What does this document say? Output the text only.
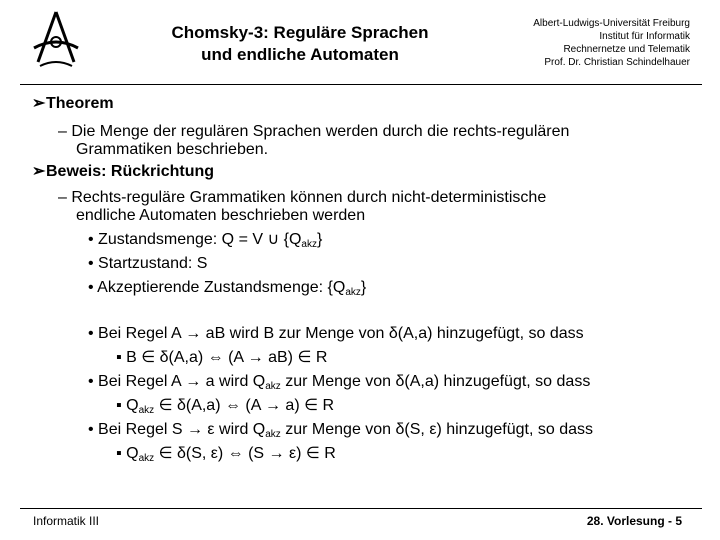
Chomsky-3: Reguläre Sprachen
und endliche Automaten
Albert-Ludwigs-Universität Freiburg
Institut für Informatik
Rechnernetze und Telematik
Prof. Dr. Christian Schindelhauer
➢Theorem
– Die Menge der regulären Sprachen werden durch die rechts-regulären
Grammatiken beschrieben.
➢Beweis: Rückrichtung
– Rechts-reguläre Grammatiken können durch nicht-deterministische
endliche Automaten beschrieben werden
• Zustandsmenge: Q = V ∪ $\{Q_{akz}\}$
• Startzustand: S
• Akzeptierende Zustandsmenge: $\{Q_{akz}\}$
• Bei Regel A → aB wird B zur Menge von δ(A,a) hinzugefügt, so dass
▪ B ∈ δ(A,a) ⇔ (A → aB) ∈ R
• Bei Regel A → a wird $Q_{akz}$ zur Menge von δ(A,a) hinzugefügt, so dass
▪ $Q_{akz}$ ∈ δ(A,a) ⇔ (A → a) ∈ R
• Bei Regel S → ε wird $Q_{akz}$ zur Menge von δ(S, ε) hinzugefügt, so dass
▪ $Q_{akz}$ ∈ δ(S, ε) ⇔ (S → ε) ∈ R
Informatik III	28. Vorlesung - 5
